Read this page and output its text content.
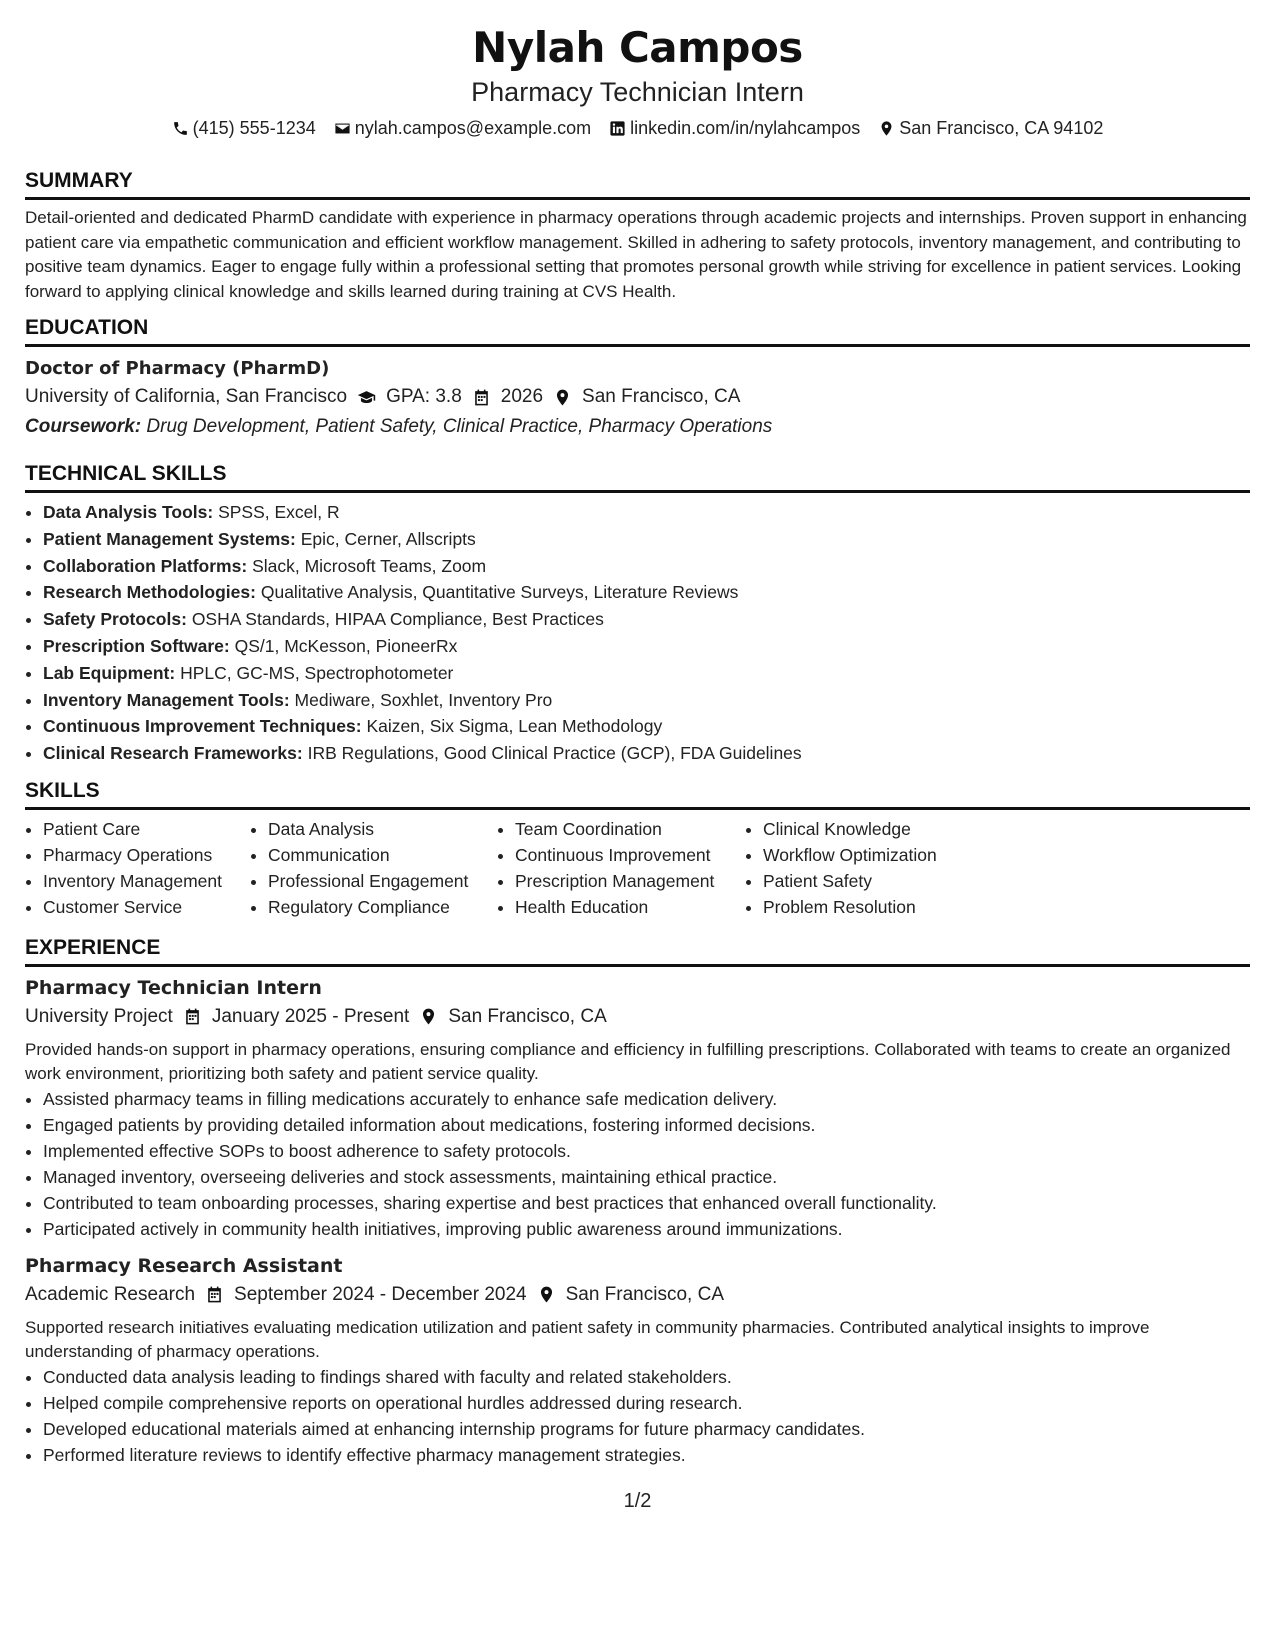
Nylah Campos
Pharmacy Technician Intern
(415) 555-1234 nylah.campos@example.com linkedin.com/in/nylahcampos San Francisco, CA 94102
SUMMARY

Detail-oriented and dedicated PharmD candidate with experience in pharmacy operations through academic projects and internships. Proven support in enhancing patient care via empathetic communication and efficient workflow management. Skilled in adhering to safety protocols, inventory management, and contributing to positive team dynamics. Eager to engage fully within a professional setting that promotes personal growth while striving for excellence in patient services. Looking forward to applying clinical knowledge and skills learned during training at CVS Health.

EDUCATION
Doctor of Pharmacy (PharmD)
University of California, San Francisco GPA: 3.8 2026 San Francisco, CA
Coursework: Drug Development, Patient Safety, Clinical Practice, Pharmacy Operations
TECHNICAL SKILLS
• Data Analysis Tools: SPSS, Excel, R
• Patient Management Systems: Epic, Cerner, Allscripts
• Collaboration Platforms: Slack, Microsoft Teams, Zoom
• Research Methodologies: Qualitative Analysis, Quantitative Surveys, Literature Reviews
• Safety Protocols: OSHA Standards, HIPAA Compliance, Best Practices
• Prescription Software: QS/1, McKesson, PioneerRx
• Lab Equipment: HPLC, GC-MS, Spectrophotometer
• Inventory Management Tools: Mediware, Soxhlet, Inventory Pro
• Continuous Improvement Techniques: Kaizen, Six Sigma, Lean Methodology
• Clinical Research Frameworks: IRB Regulations, Good Clinical Practice (GCP), FDA Guidelines
SKILLS
• Patient Care
• Pharmacy Operations
• Inventory Management
• Customer Service
• Data Analysis
• Communication
• Professional Engagement
• Regulatory Compliance
• Team Coordination
• Continuous Improvement
• Prescription Management
• Health Education
• Clinical Knowledge
• Workflow Optimization
• Patient Safety
• Problem Resolution
EXPERIENCE
Pharmacy Technician Intern
University Project January 2025 - Present San Francisco, CA

Provided hands-on support in pharmacy operations, ensuring compliance and efficiency in fulfilling prescriptions. Collaborated with teams to create an organized work environment, prioritizing both safety and patient service quality.

• Assisted pharmacy teams in filling medications accurately to enhance safe medication delivery.
• Engaged patients by providing detailed information about medications, fostering informed decisions.
• Implemented effective SOPs to boost adherence to safety protocols.
• Managed inventory, overseeing deliveries and stock assessments, maintaining ethical practice.
• Contributed to team onboarding processes, sharing expertise and best practices that enhanced overall functionality.
• Participated actively in community health initiatives, improving public awareness around immunizations.
Pharmacy Research Assistant
Academic Research September 2024 - December 2024 San Francisco, CA

Supported research initiatives evaluating medication utilization and patient safety in community pharmacies. Contributed analytical insights to improve understanding of pharmacy operations.

• Conducted data analysis leading to findings shared with faculty and related stakeholders.
• Helped compile comprehensive reports on operational hurdles addressed during research.
• Developed educational materials aimed at enhancing internship programs for future pharmacy candidates.
• Performed literature reviews to identify effective pharmacy management strategies.
1/2
